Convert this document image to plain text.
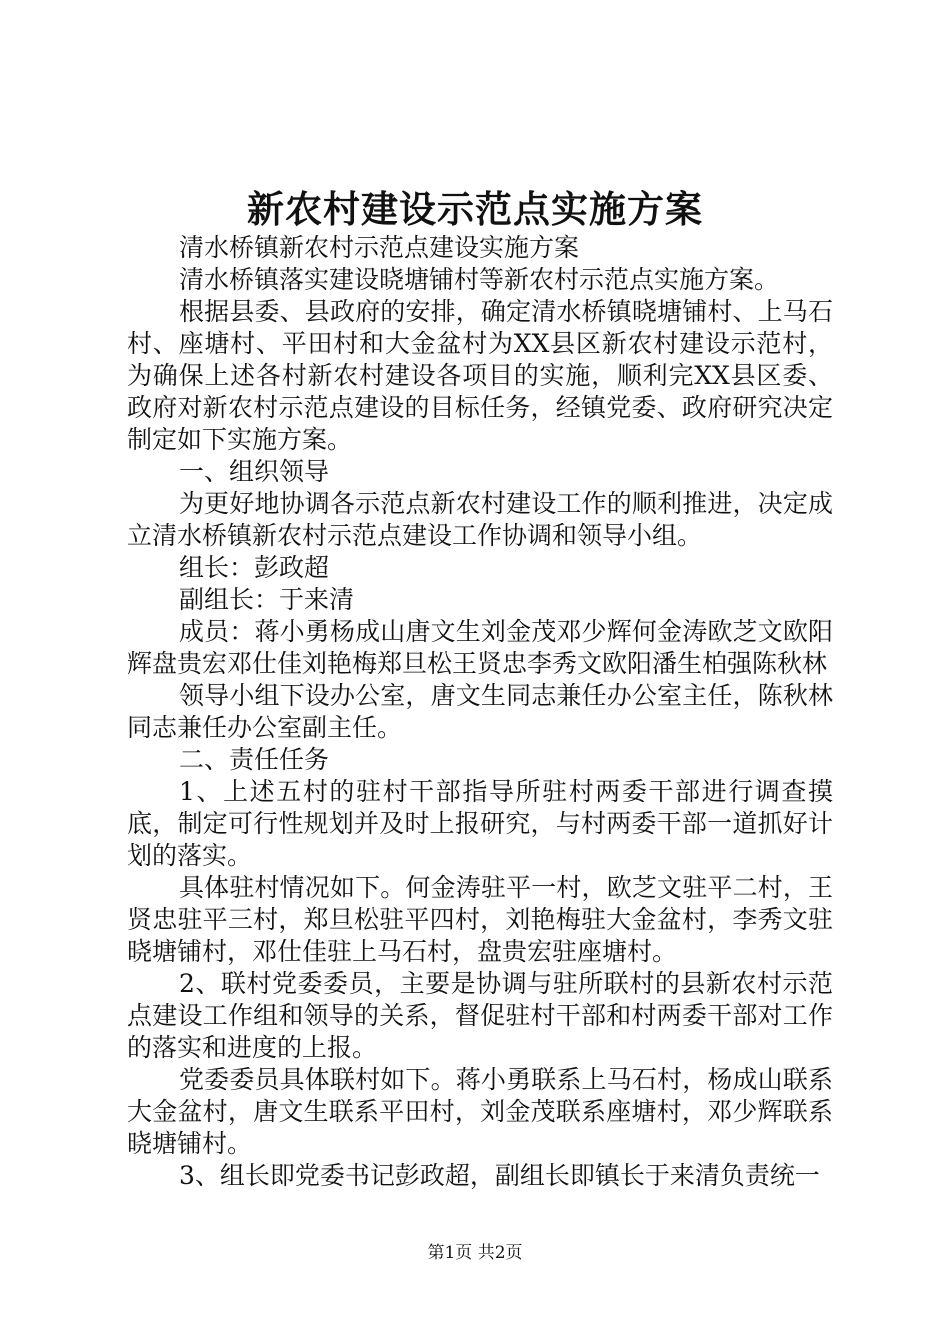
新农村建设示范点实施方案

清水桥镇新农村示范点建设实施方案

清水桥镇落实建设晓塘铺村等新农村示范点实施方案。

根据县委、县政府的安排，确定清水桥镇晓塘铺村、上马石村、座塘村、平田村和大金盆村为XX县区新农村建设示范村，为确保上述各村新农村建设各项目的实施，顺利完XX县区委、政府对新农村示范点建设的目标任务，经镇党委、政府研究决定制定如下实施方案。

一、组织领导

为更好地协调各示范点新农村建设工作的顺利推进，决定成立清水桥镇新农村示范点建设工作协调和领导小组。

组长：彭政超

副组长：于来清

成员：蒋小勇杨成山唐文生刘金茂邓少辉何金涛欧芝文欧阳辉盘贵宏邓仕佳刘艳梅郑旦松王贤忠李秀文欧阳潘生柏强陈秋林

领导小组下设办公室，唐文生同志兼任办公室主任，陈秋林同志兼任办公室副主任。

二、责任任务

1、上述五村的驻村干部指导所驻村两委干部进行调查摸底，制定可行性规划并及时上报研究，与村两委干部一道抓好计划的落实。

具体驻村情况如下。何金涛驻平一村，欧芝文驻平二村，王贤忠驻平三村，郑旦松驻平四村，刘艳梅驻大金盆村，李秀文驻晓塘铺村，邓仕佳驻上马石村，盘贵宏驻座塘村。

2、联村党委委员，主要是协调与驻所联村的县新农村示范点建设工作组和领导的关系，督促驻村干部和村两委干部对工作的落实和进度的上报。

党委委员具体联村如下。蒋小勇联系上马石村，杨成山联系大金盆村，唐文生联系平田村，刘金茂联系座塘村，邓少辉联系晓塘铺村。

3、组长即党委书记彭政超，副组长即镇长于来清负责统一

第1页 共2页
